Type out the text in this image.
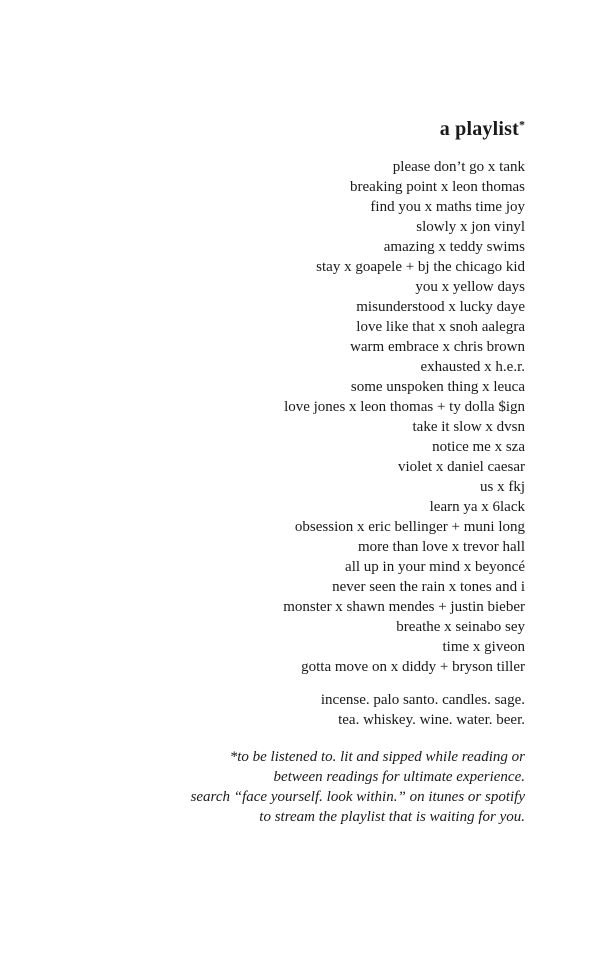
a playlist*
please don’t go x tank
breaking point x leon thomas
find you x maths time joy
slowly x jon vinyl
amazing x teddy swims
stay x goapele + bj the chicago kid
you x yellow days
misunderstood x lucky daye
love like that x snoh aalegra
warm embrace x chris brown
exhausted x h.e.r.
some unspoken thing x leuca
love jones x leon thomas + ty dolla $ign
take it slow x dvsn
notice me x sza
violet x daniel caesar
us x fkj
learn ya x 6lack
obsession x eric bellinger + muni long
more than love x trevor hall
all up in your mind x beyoncé
never seen the rain x tones and i
monster x shawn mendes + justin bieber
breathe x seinabo sey
time x giveon
gotta move on x diddy + bryson tiller
incense. palo santo. candles. sage.
tea. whiskey. wine. water. beer.
*to be listened to. lit and sipped while reading or
between readings for ultimate experience.
search “face yourself. look within.” on itunes or spotify
to stream the playlist that is waiting for you.
